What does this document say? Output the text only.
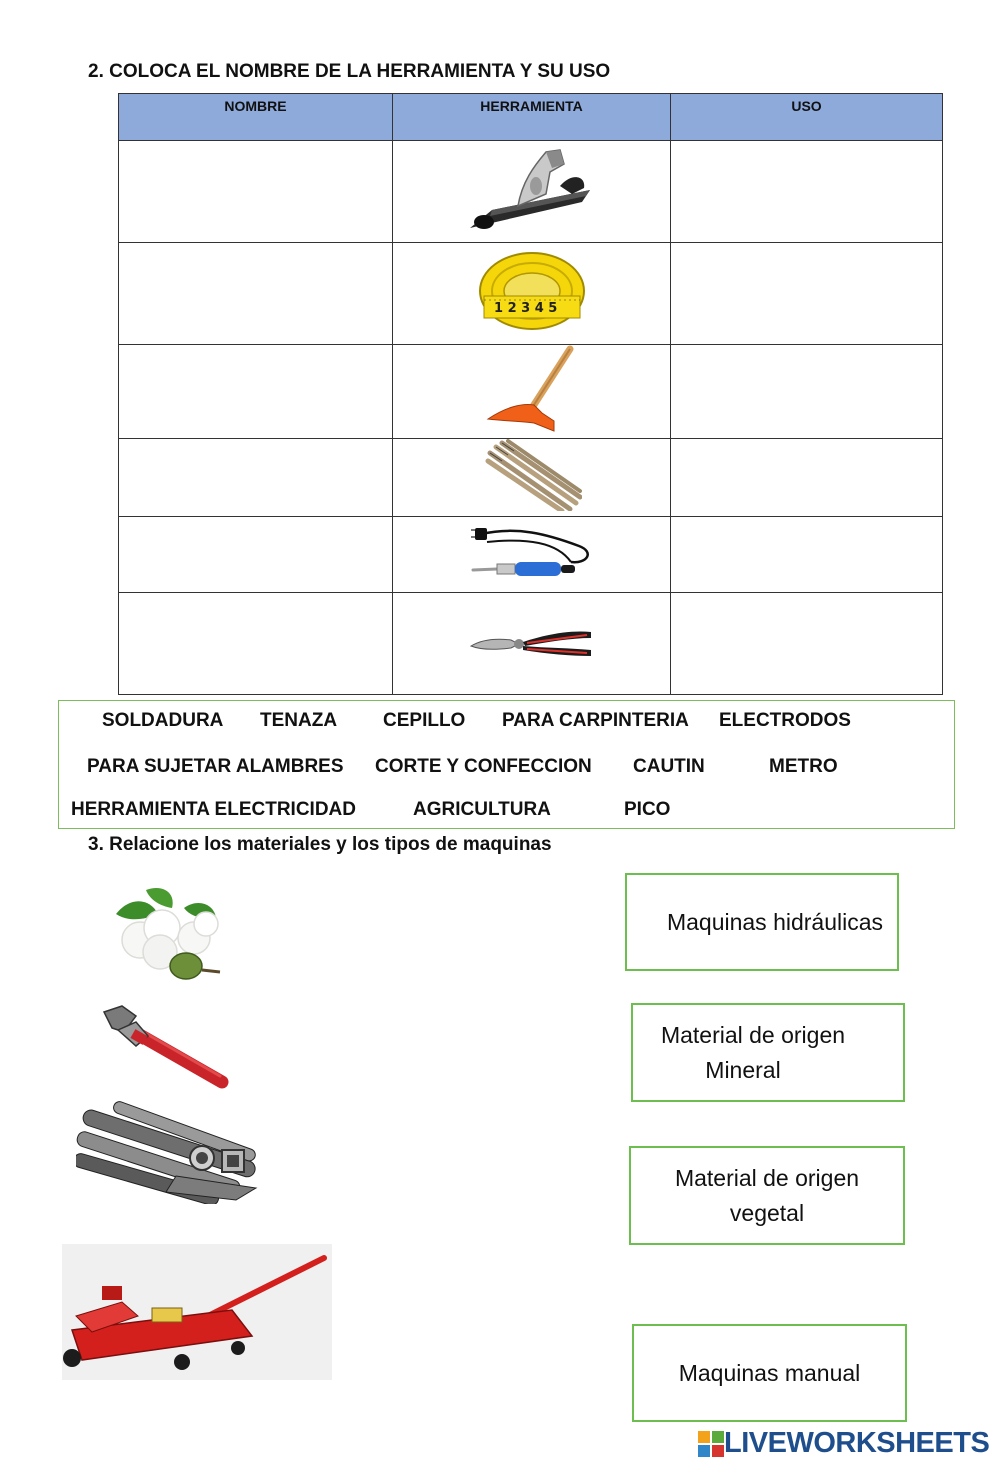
2. COLOCA EL NOMBRE DE LA HERRAMIENTA Y SU USO
NOMBRE	HERRAMIENTA	USO

1 2 3 4 5	

SOLDADURA TENAZA CEPILLO PARA CARPINTERIA ELECTRODOS
PARA SUJETAR ALAMBRES CORTE Y CONFECCION CAUTIN	METRO
HERRAMIENTA ELECTRICIDAD	AGRICULTURA	PICO
3. Relacione los materiales y los tipos de maquinas
Maquinas hidráulicas
Material de origen
Mineral
Material de origen
vegetal
Maquinas manual
LIVEWORKSHEETS
